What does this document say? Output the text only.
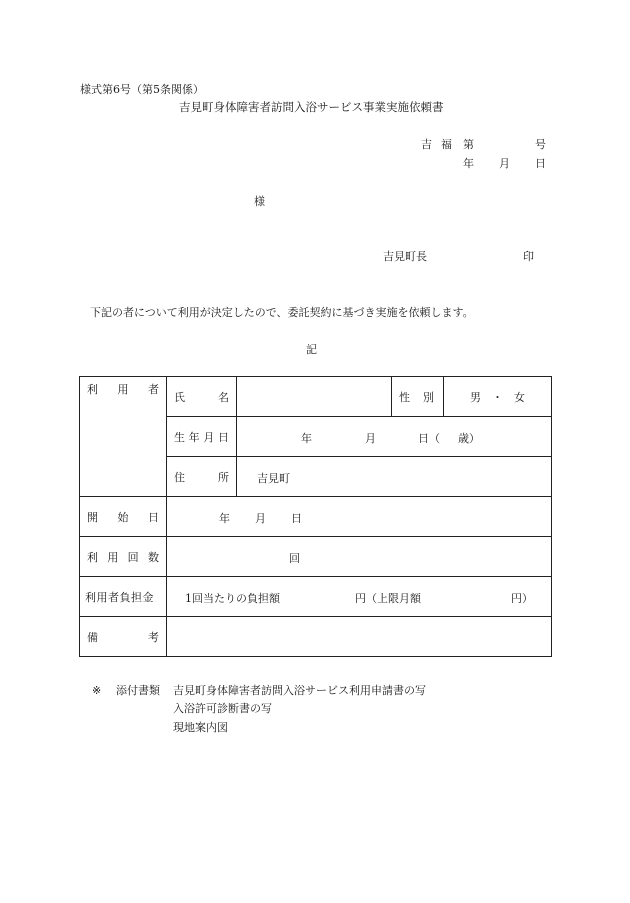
様式第6号（第5条関係）
吉見町身体障害者訪問入浴サービス事業実施依頼書
吉 福 第	号
年 月 日
様
吉見町長	印
下記の者について利用が決定したので、委託契約に基づき実施を依頼します。
記
利 用 者	氏 名		性 別	男 ・ 女

	生 年 月 日	年 月 日（ 歳）		

	住 所	吉見町		

開 始 日	年 月 日			

利 用 回 数	回			

利用者負担金	1回当たりの負担額 円（上限月額 円）			

備 考				

※ 添付書類 吉見町身体障害者訪問入浴サービス利用申請書の写
入浴許可診断書の写
現地案内図
